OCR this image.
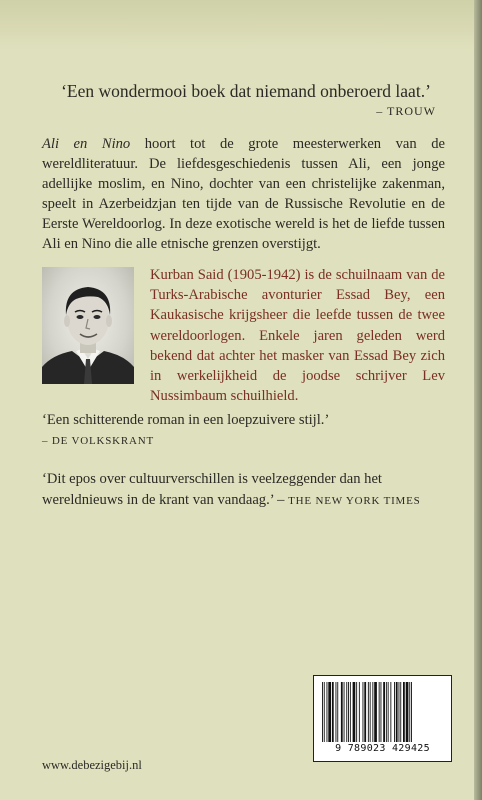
‘Een wondermooi boek dat niemand onberoerd laat.’
– TROUW
Ali en Nino hoort tot de grote meesterwerken van de wereldliteratuur. De liefdesgeschiedenis tussen Ali, een jonge adellijke moslim, en Nino, dochter van een christelijke zakenman, speelt in Azerbeidzjan ten tijde van de Russische Revolutie en de Eerste Wereldoorlog. In deze exotische wereld is het de liefde tussen Ali en Nino die alle etnische grenzen overstijgt.
Kurban Said (1905-1942) is de schuilnaam van de Turks-Arabische avonturier Essad Bey, een Kaukasische krijgsheer die leefde tussen de twee wereldoorlogen. Enkele jaren geleden werd bekend dat achter het masker van Essad Bey zich in werkelijkheid de joodse schrijver Lev Nussimbaum schuilhield.
‘Een schitterende roman in een loepzuivere stijl.’
– DE VOLKSKRANT
‘Dit epos over cultuurverschillen is veelzeggender dan het wereldnieuws in de krant van vandaag.’ – THE NEW YORK TIMES
www.debezigebij.nl
9 789023 429425
